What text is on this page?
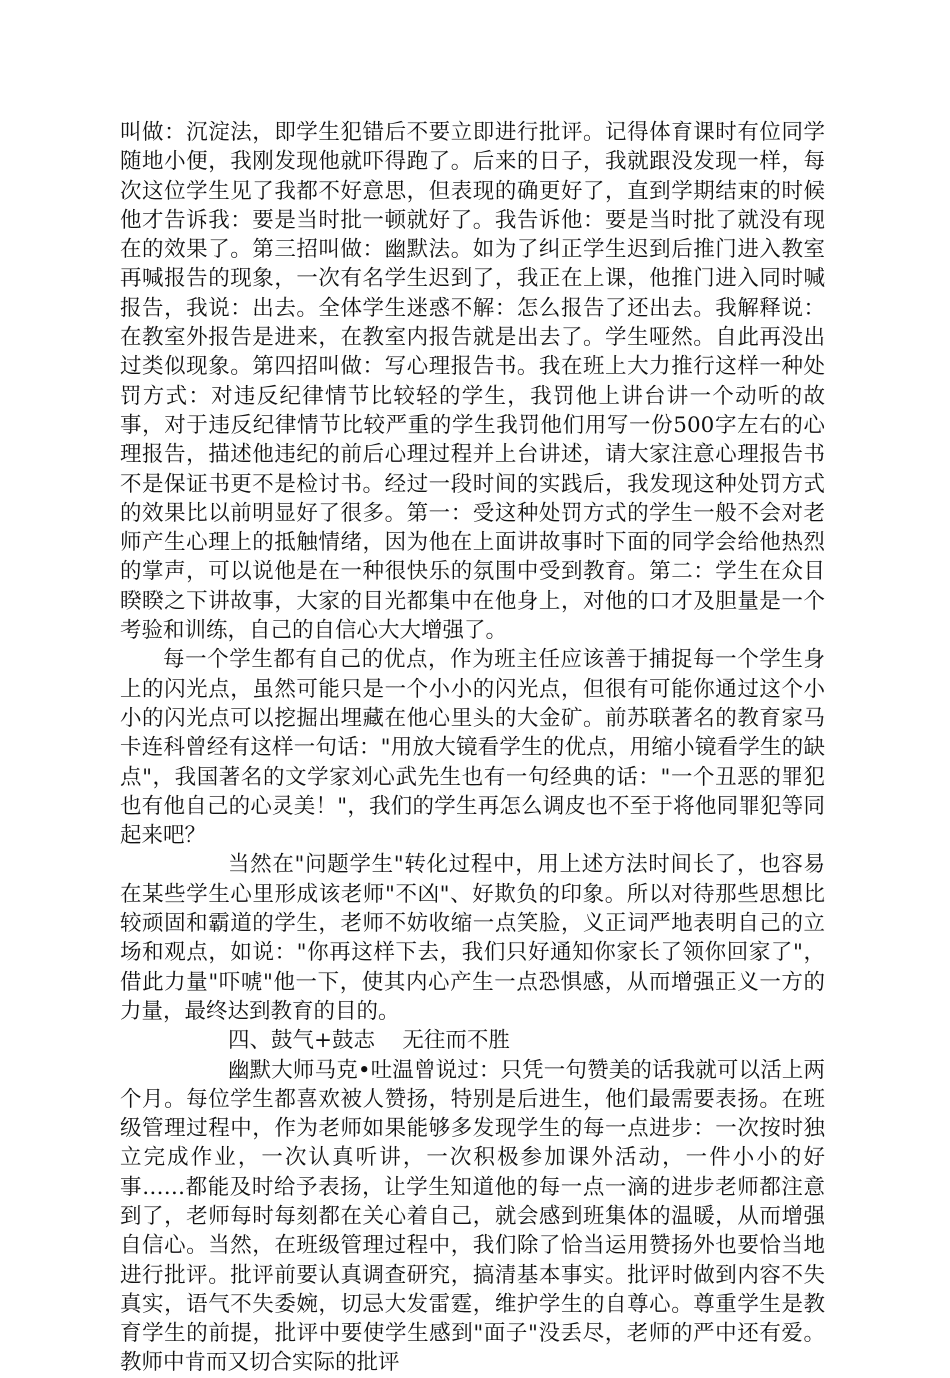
叫做：沉淀法，即学生犯错后不要立即进行批评。记得体育课时有位同学随地小便，我刚发现他就吓得跑了。后来的日子，我就跟没发现一样，每次这位学生见了我都不好意思，但表现的确更好了，直到学期结束的时候他才告诉我：要是当时批一顿就好了。我告诉他：要是当时批了就没有现在的效果了。第三招叫做：幽默法。如为了纠正学生迟到后推门进入教室再喊报告的现象，一次有名学生迟到了，我正在上课，他推门进入同时喊报告，我说：出去。全体学生迷惑不解：怎么报告了还出去。我解释说：在教室外报告是进来，在教室内报告就是出去了。学生哑然。自此再没出过类似现象。第四招叫做：写心理报告书。我在班上大力推行这样一种处罚方式：对违反纪律情节比较轻的学生，我罚他上讲台讲一个动听的故事，对于违反纪律情节比较严重的学生我罚他们用写一份500字左右的心理报告，描述他违纪的前后心理过程并上台讲述，请大家注意心理报告书不是保证书更不是检讨书。经过一段时间的实践后，我发现这种处罚方式的效果比以前明显好了很多。第一：受这种处罚方式的学生一般不会对老师产生心理上的抵触情绪，因为他在上面讲故事时下面的同学会给他热烈的掌声，可以说他是在一种很快乐的氛围中受到教育。第二：学生在众目睽睽之下讲故事，大家的目光都集中在他身上，对他的口才及胆量是一个考验和训练，自己的自信心大大增强了。

每一个学生都有自己的优点，作为班主任应该善于捕捉每一个学生身上的闪光点，虽然可能只是一个小小的闪光点，但很有可能你通过这个小小的闪光点可以挖掘出埋藏在他心里头的大金矿。前苏联著名的教育家马卡连科曾经有这样一句话："用放大镜看学生的优点，用缩小镜看学生的缺点"，我国著名的文学家刘心武先生也有一句经典的话："一个丑恶的罪犯也有他自己的心灵美！"，我们的学生再怎么调皮也不至于将他同罪犯等同起来吧？

当然在"问题学生"转化过程中，用上述方法时间长了，也容易在某些学生心里形成该老师"不凶"、好欺负的印象。所以对待那些思想比较顽固和霸道的学生，老师不妨收缩一点笑脸，义正词严地表明自己的立场和观点，如说："你再这样下去，我们只好通知你家长了领你回家了"，借此力量"吓唬"他一下，使其内心产生一点恐惧感，从而增强正义一方的力量，最终达到教育的目的。

四、鼓气+鼓志    无往而不胜

幽默大师马克•吐温曾说过：只凭一句赞美的话我就可以活上两个月。每位学生都喜欢被人赞扬，特别是后进生，他们最需要表扬。在班级管理过程中，作为老师如果能够多发现学生的每一点进步：一次按时独立完成作业，一次认真听讲，一次积极参加课外活动，一件小小的好事……都能及时给予表扬，让学生知道他的每一点一滴的进步老师都注意到了，老师每时每刻都在关心着自己，就会感到班集体的温暖，从而增强自信心。当然，在班级管理过程中，我们除了恰当运用赞扬外也要恰当地进行批评。批评前要认真调查研究，搞清基本事实。批评时做到内容不失真实，语气不失委婉，切忌大发雷霆，维护学生的自尊心。尊重学生是教育学生的前提，批评中要使学生感到"面子"没丢尽，老师的严中还有爱。教师中肯而又切合实际的批评
